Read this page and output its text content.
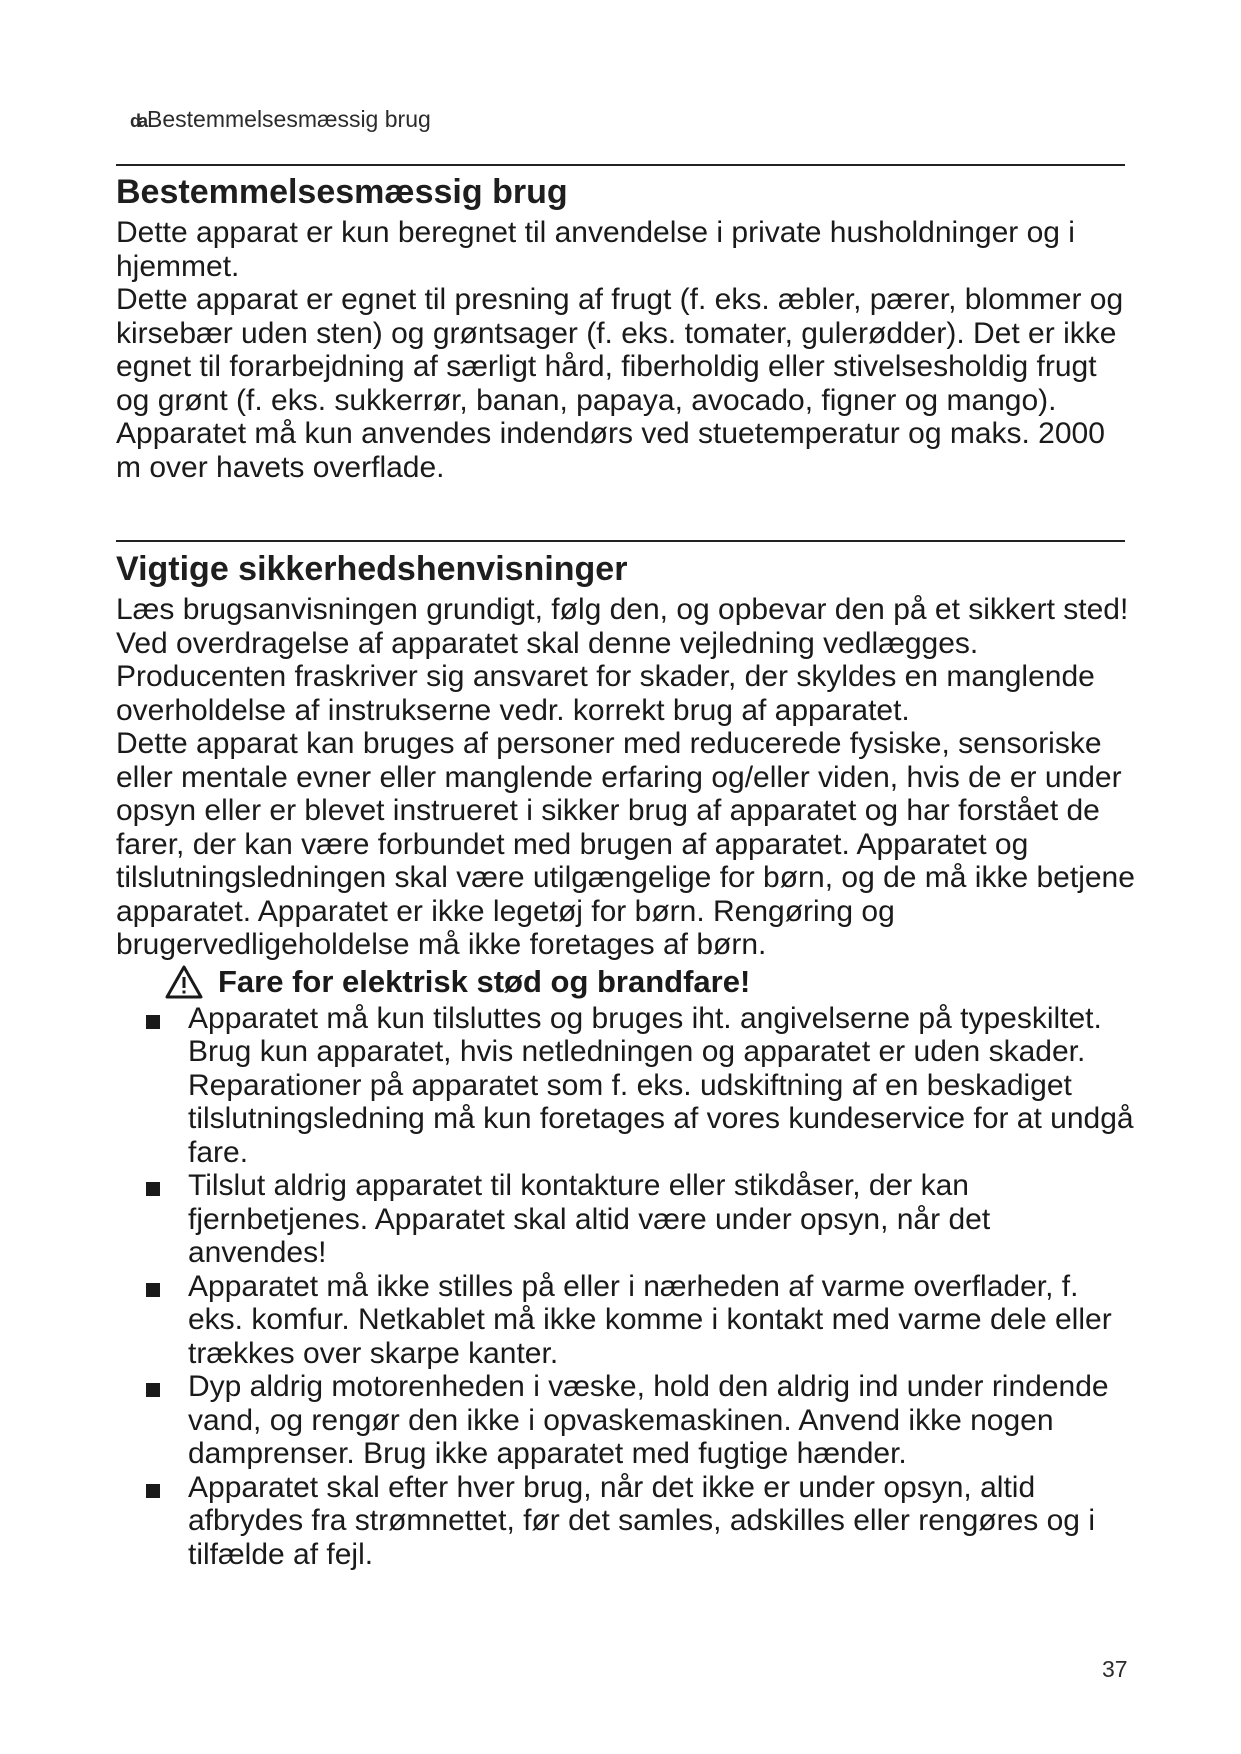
daBestemmelsesmæssig brug
Bestemmelsesmæssig brug

Dette apparat er kun beregnet til anvendelse i private husholdninger og i hjemmet.

Dette apparat er egnet til presning af frugt (f. eks. æbler, pærer, blommer og kirsebær uden sten) og grøntsager (f. eks. tomater, gulerødder). Det er ikke egnet til forarbejdning af særligt hård, fiberholdig eller stivelsesholdig frugt og grønt (f. eks. sukkerrør, banan, papaya, avocado, figner og mango).

Apparatet må kun anvendes indendørs ved stuetemperatur og maks. 2000 m over havets overflade.

Vigtige sikkerhedshenvisninger

Læs brugsanvisningen grundigt, følg den, og opbevar den på et sikkert sted! Ved overdragelse af apparatet skal denne vejledning vedlægges. Producenten fraskriver sig ansvaret for skader, der skyldes en manglende overholdelse af instrukserne vedr. korrekt brug af apparatet.

Dette apparat kan bruges af personer med reducerede fysiske, sensoriske eller mentale evner eller manglende erfaring og/eller viden, hvis de er under opsyn eller er blevet instrueret i sikker brug af apparatet og har forstået de farer, der kan være forbundet med brugen af apparatet. Apparatet og tilslutningsledningen skal være utilgængelige for børn, og de må ikke betjene apparatet. Apparatet er ikke legetøj for børn. Rengøring og brugervedligeholdelse må ikke foretages af børn.

Fare for elektrisk stød og brandfare!
Apparatet må kun tilsluttes og bruges iht. angivelserne på typeskiltet. Brug kun apparatet, hvis netledningen og apparatet er uden skader. Reparationer på apparatet som f. eks. udskiftning af en beskadiget tilslutningsledning må kun foretages af vores kundeservice for at undgå fare.
Tilslut aldrig apparatet til kontakture eller stikdåser, der kan fjernbetjenes. Apparatet skal altid være under opsyn, når det anvendes!
Apparatet må ikke stilles på eller i nærheden af varme overflader, f. eks. komfur. Netkablet må ikke komme i kontakt med varme dele eller trækkes over skarpe kanter.
Dyp aldrig motorenheden i væske, hold den aldrig ind under rindende vand, og rengør den ikke i opvaskemaskinen. Anvend ikke nogen damprenser. Brug ikke apparatet med fugtige hænder.
Apparatet skal efter hver brug, når det ikke er under opsyn, altid afbrydes fra strømnettet, før det samles, adskilles eller rengøres og i tilfælde af fejl.
37
